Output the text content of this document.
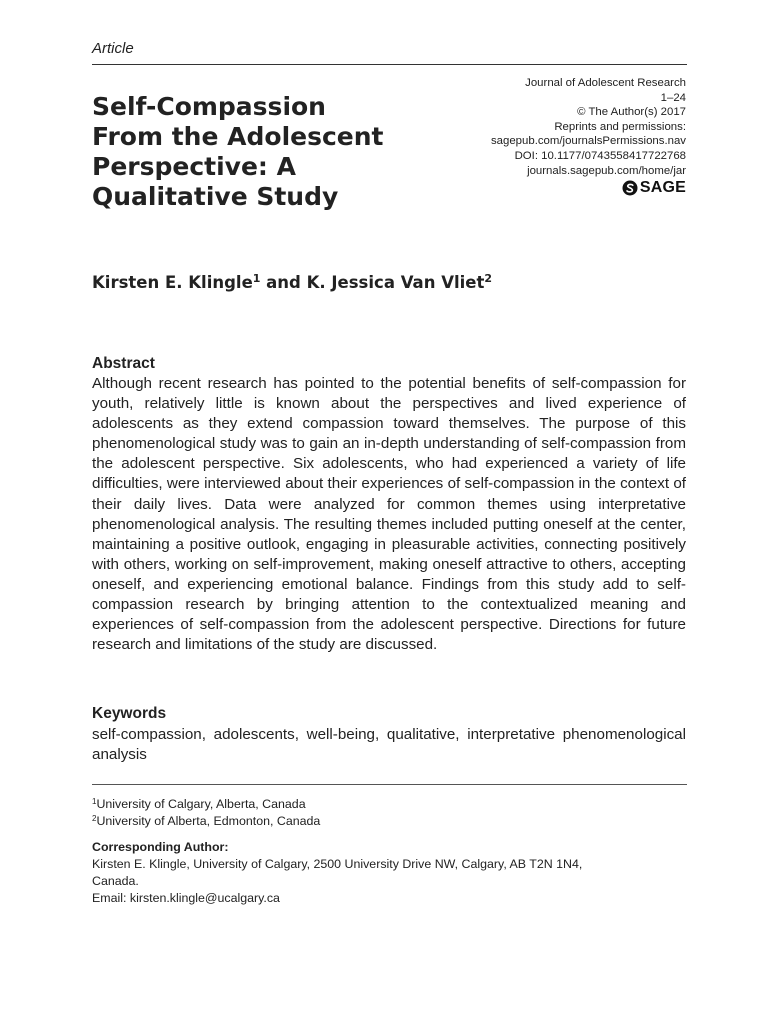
Article
Journal of Adolescent Research
1–24
© The Author(s) 2017
Reprints and permissions:
sagepub.com/journalsPermissions.nav
DOI: 10.1177/0743558417722768
journals.sagepub.com/home/jar
SAGE
Self-Compassion
From the Adolescent
Perspective: A
Qualitative Study
Kirsten E. Klingle$^1$ and K. Jessica Van Vliet$^2$
Abstract

Although recent research has pointed to the potential benefits of self-compassion for youth, relatively little is known about the perspectives and lived experience of adolescents as they extend compassion toward themselves. The purpose of this phenomenological study was to gain an in-depth understanding of self-compassion from the adolescent perspective. Six adolescents, who had experienced a variety of life difficulties, were interviewed about their experiences of self-compassion in the context of their daily lives. Data were analyzed for common themes using interpretative phenomenological analysis. The resulting themes included putting oneself at the center, maintaining a positive outlook, engaging in pleasurable activities, connecting positively with others, working on self-improvement, making oneself attractive to others, accepting oneself, and experiencing emotional balance. Findings from this study add to self-compassion research by bringing attention to the contextualized meaning and experiences of self-compassion from the adolescent perspective. Directions for future research and limitations of the study are discussed.

Keywords

self-compassion, adolescents, well-being, qualitative, interpretative phenomenological analysis

$^1$University of Calgary, Alberta, Canada
$^2$University of Alberta, Edmonton, Canada
Corresponding Author:
Kirsten E. Klingle, University of Calgary, 2500 University Drive NW, Calgary, AB T2N 1N4,
Canada.
Email: kirsten.klingle@ucalgary.ca
